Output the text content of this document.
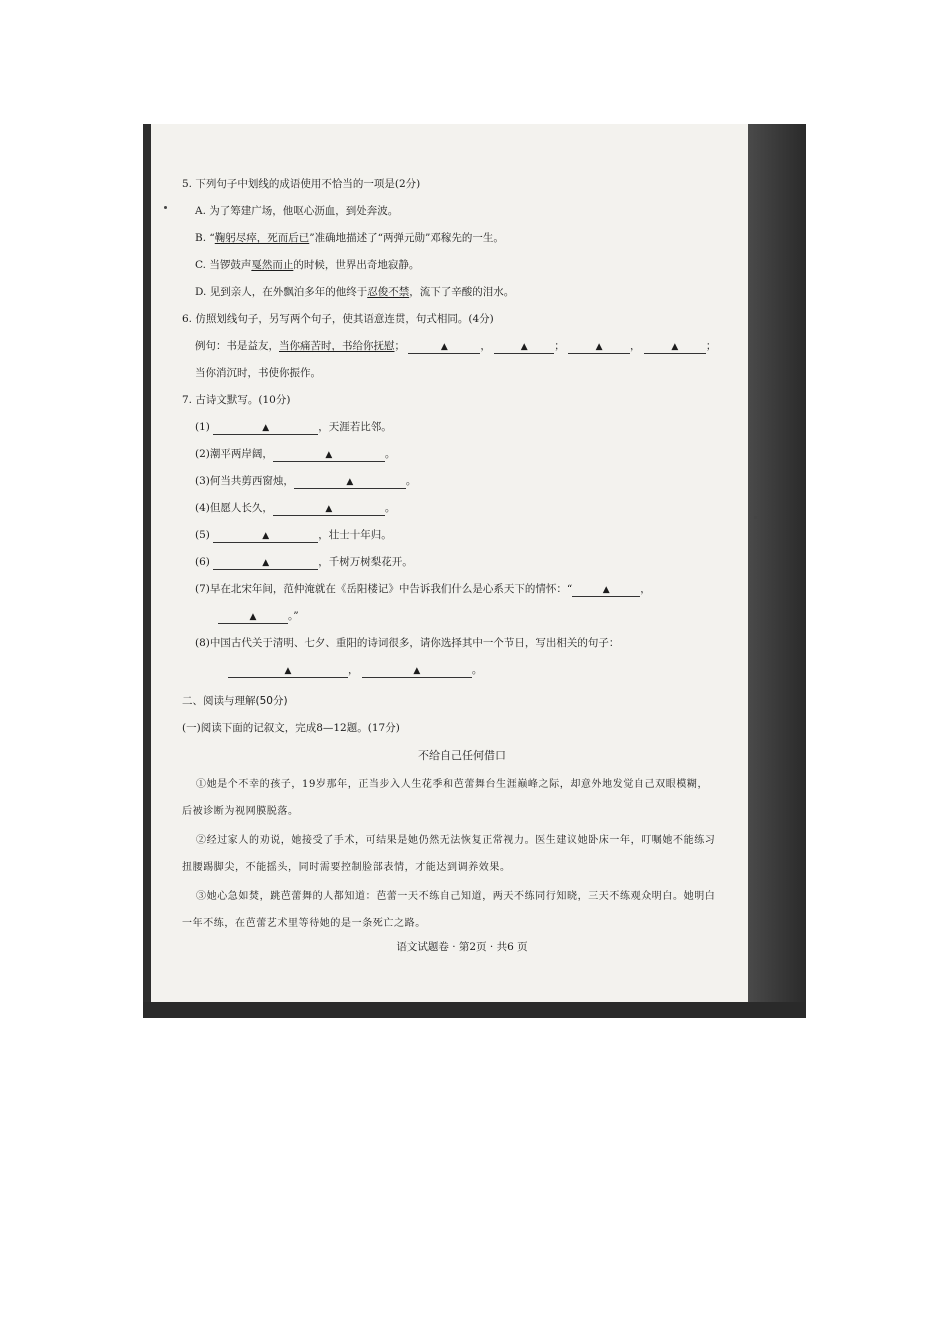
5. 下列句子中划线的成语使用不恰当的一项是(2分)
A. 为了筹建广场，他呕心沥血，到处奔波。
B. “鞠躬尽瘁，死而后已”准确地描述了“两弹元勋”邓稼先的一生。
C. 当锣鼓声戛然而止的时候，世界出奇地寂静。
D. 见到亲人，在外飘泊多年的他终于忍俊不禁，流下了辛酸的泪水。
6. 仿照划线句子，另写两个句子，使其语意连贯，句式相同。(4分)
例句：书是益友，当你痛苦时，书给你抚慰；	▲	，	▲	；	▲	，	▲	；
当你消沉时，书使你振作。
7. 古诗文默写。(10分)
(1)	▲	，天涯若比邻。
(2)潮平两岸阔，	▲	。
(3)何当共剪西窗烛，	▲	。
(4)但愿人长久，	▲	。
(5)	▲	，壮士十年归。
(6)	▲	，千树万树梨花开。
(7)早在北宋年间，范仲淹就在《岳阳楼记》中告诉我们什么是心系天下的情怀：“	▲	，
▲	。”
(8)中国古代关于清明、七夕、重阳的诗词很多，请你选择其中一个节日，写出相关的句子：
▲	，	▲	。
二、阅读与理解(50分)
(一)阅读下面的记叙文，完成8—12题。(17分)
不给自己任何借口
①她是个不幸的孩子，19岁那年，正当步入人生花季和芭蕾舞台生涯巅峰之际，却意外地发觉自己双眼模糊，后被诊断为视网膜脱落。
②经过家人的劝说，她接受了手术，可结果是她仍然无法恢复正常视力。医生建议她卧床一年，叮嘱她不能练习扭腰踢脚尖，不能摇头，同时需要控制脸部表情，才能达到调养效果。
③她心急如焚，跳芭蕾舞的人都知道：芭蕾一天不练自己知道，两天不练同行知晓，三天不练观众明白。她明白一年不练，在芭蕾艺术里等待她的是一条死亡之路。
语文试题卷 · 第2页 · 共6 页
